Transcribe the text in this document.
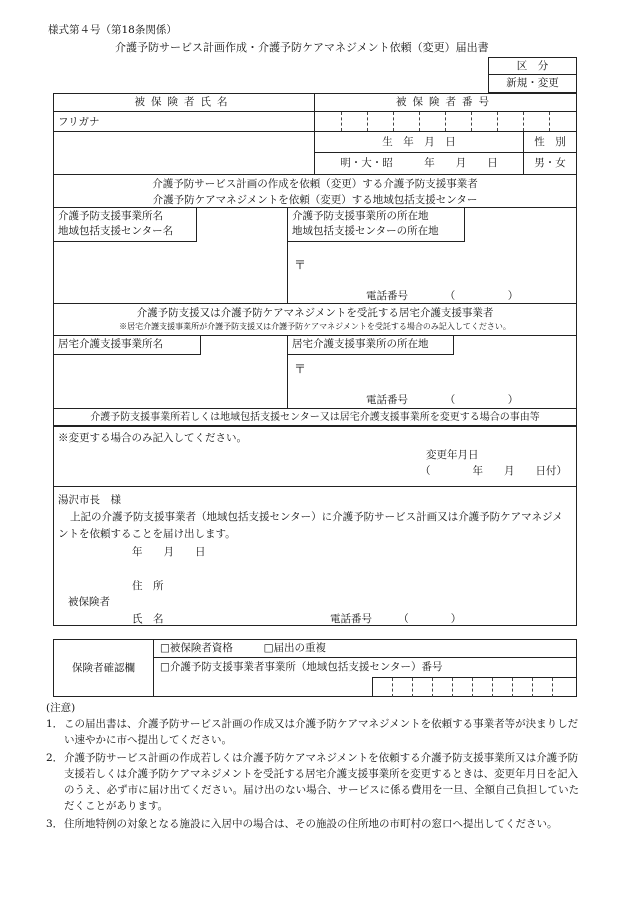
様式第４号（第18条関係）
介護予防サービス計画作成・介護予防ケアマネジメント依頼（変更）届出書
区　分
新規・変更
被保険者氏名	被保険者番号
フリガナ
生　年　月　日	性　別
明・大・昭　　　年　　月　　日	男・女
介護予防サービス計画の作成を依頼（変更）する介護予防支援事業者
介護予防ケアマネジメントを依頼（変更）する地域包括支援センター
介護予防支援事業所名
地域包括支援センター名
介護予防支援事業所の所在地
地域包括支援センターの所在地
〒
電話番号　　　　（　　　　　）
介護予防支援又は介護予防ケアマネジメントを受託する居宅介護支援事業者
※居宅介護支援事業所が介護予防支援又は介護予防ケアマネジメントを受託する場合のみ記入してください。
居宅介護支援事業所名	居宅介護支援事業所の所在地
〒
電話番号　　　　（　　　　　）
介護予防支援事業所若しくは地域包括支援センター又は居宅介護支援事業所を変更する場合の事由等
※変更する場合のみ記入してください。
変更年月日
（　　　　年　　月　　日付）
湯沢市長　様
上記の介護予防支援事業者（地域包括支援センター）に介護予防サービス計画又は介護予防ケアマネジメントを依頼することを届け出します。
年　　月　　日
住　所
被保険者
氏　名	電話番号　　　（　　　　）
保険者確認欄
□被保険者資格	□届出の重複
□介護予防支援事業者事業所（地域包括支援センター）番号
(注意)
1． この届出書は、介護予防サービス計画の作成又は介護予防ケアマネジメントを依頼する事業者等が決まりしだい速やかに市へ提出してください。
2． 介護予防サービス計画の作成若しくは介護予防ケアマネジメントを依頼する介護予防支援事業所又は介護予防支援若しくは介護予防ケアマネジメントを受託する居宅介護支援事業所を変更するときは、変更年月日を記入のうえ、必ず市に届け出てください。届け出のない場合、サービスに係る費用を一旦、全額自己負担していただくことがあります。
3． 住所地特例の対象となる施設に入居中の場合は、その施設の住所地の市町村の窓口へ提出してください。
